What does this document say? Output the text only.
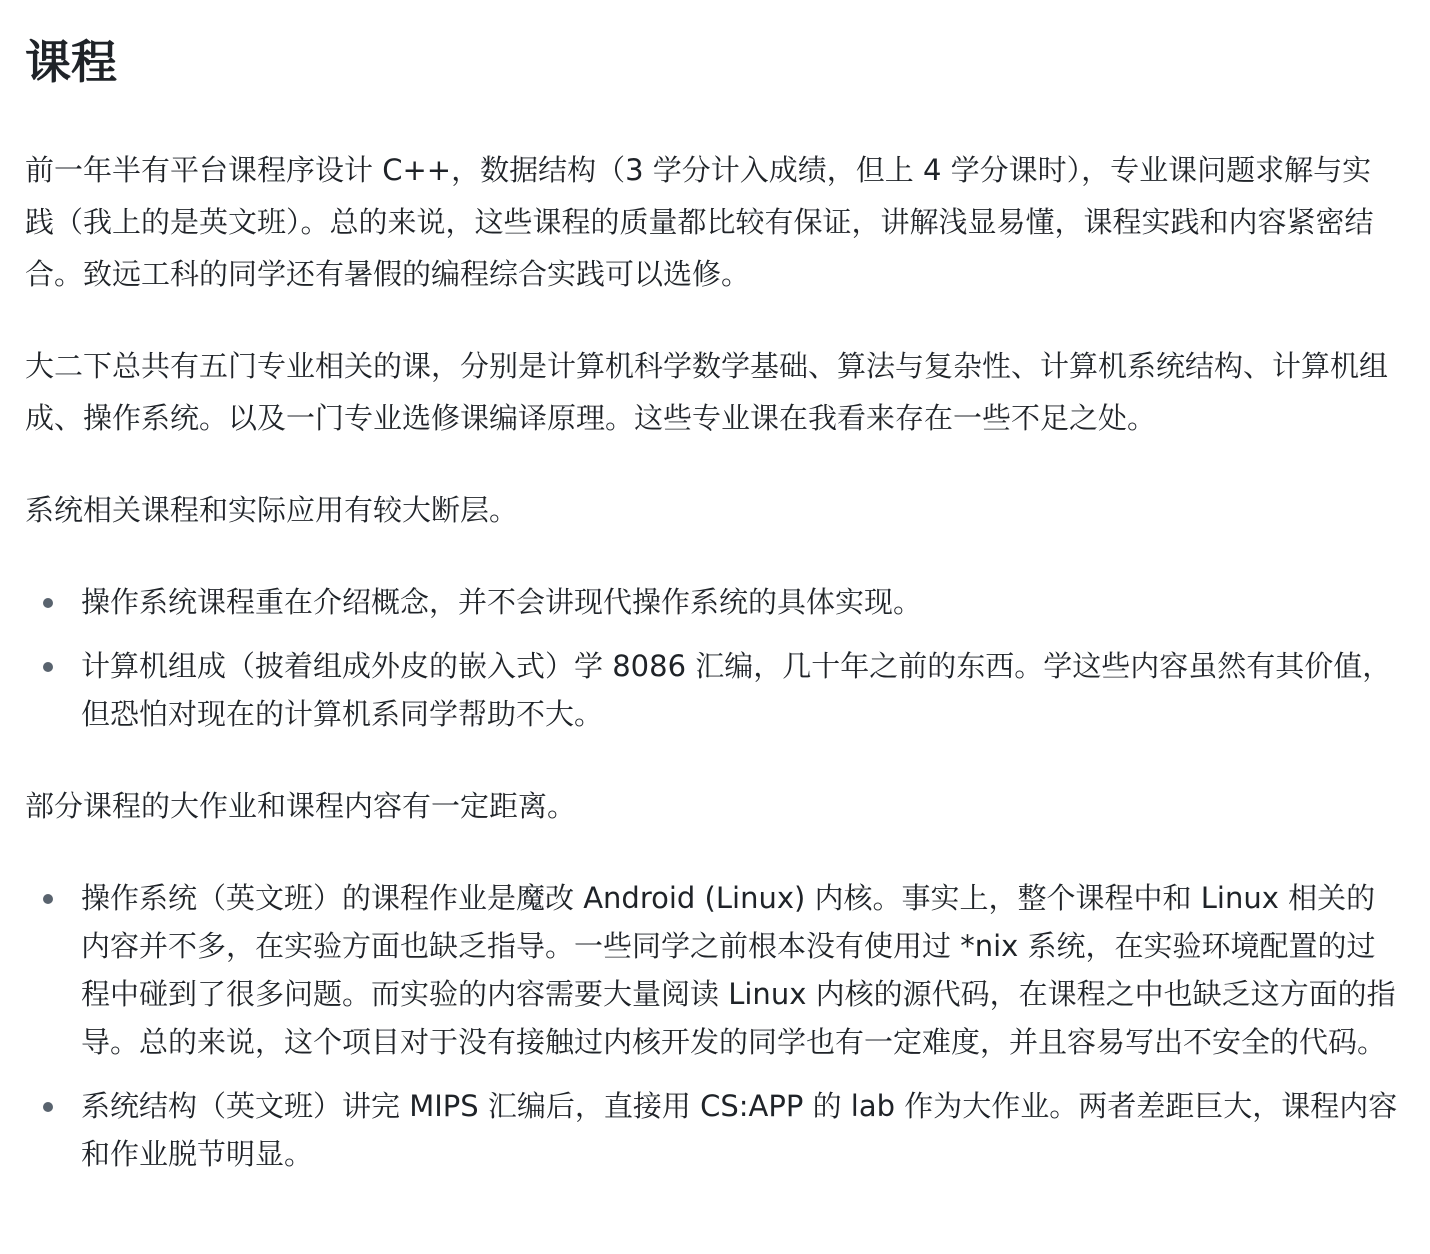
课程

前一年半有平台课程序设计 C++，数据结构（3 学分计入成绩，但上 4 学分课时），专业课问题求解与实践（我上的是英文班）。总的来说，这些课程的质量都比较有保证，讲解浅显易懂，课程实践和内容紧密结合。致远工科的同学还有暑假的编程综合实践可以选修。

大二下总共有五门专业相关的课，分别是计算机科学数学基础、算法与复杂性、计算机系统结构、计算机组成、操作系统。以及一门专业选修课编译原理。这些专业课在我看来存在一些不足之处。

系统相关课程和实际应用有较大断层。

操作系统课程重在介绍概念，并不会讲现代操作系统的具体实现。
计算机组成（披着组成外皮的嵌入式）学 8086 汇编，几十年之前的东西。学这些内容虽然有其价值，但恐怕对现在的计算机系同学帮助不大。

部分课程的大作业和课程内容有一定距离。

操作系统（英文班）的课程作业是魔改 Android (Linux) 内核。事实上，整个课程中和 Linux 相关的内容并不多，在实验方面也缺乏指导。一些同学之前根本没有使用过 *nix 系统，在实验环境配置的过程中碰到了很多问题。而实验的内容需要大量阅读 Linux 内核的源代码，在课程之中也缺乏这方面的指导。总的来说，这个项目对于没有接触过内核开发的同学也有一定难度，并且容易写出不安全的代码。
系统结构（英文班）讲完 MIPS 汇编后，直接用 CS:APP 的 lab 作为大作业。两者差距巨大，课程内容和作业脱节明显。
